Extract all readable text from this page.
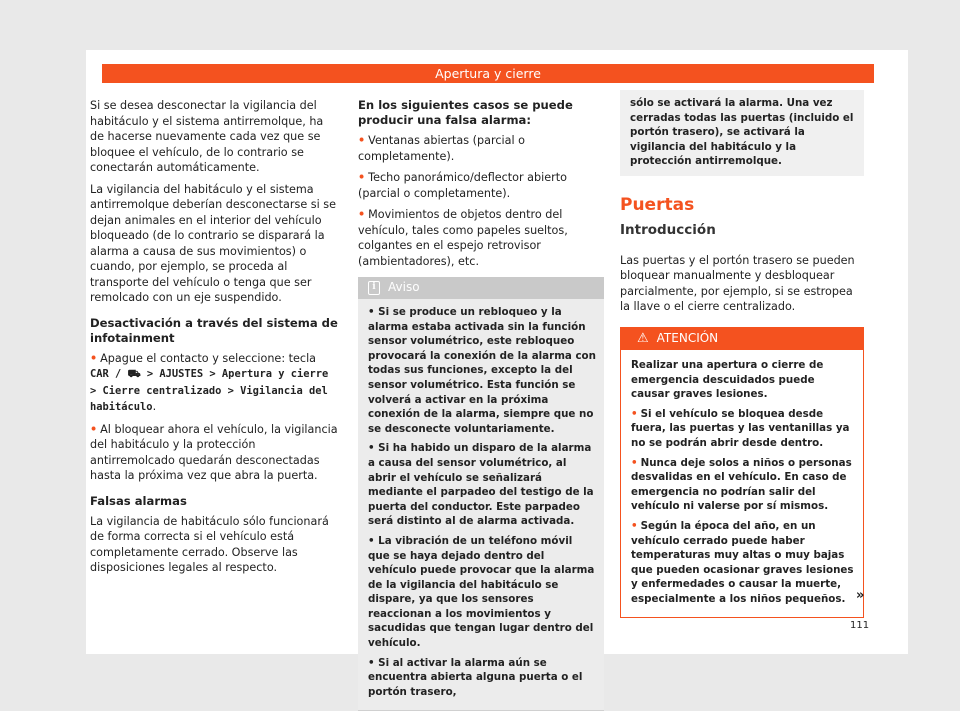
Apertura y cierre

Si se desea desconectar la vigilancia del habitáculo y el sistema antirremolque, ha de hacerse nuevamente cada vez que se bloquee el vehículo, de lo contrario se conectarán automáticamente.

La vigilancia del habitáculo y el sistema antirremolque deberían desconectarse si se dejan animales en el interior del vehículo bloqueado (de lo contrario se disparará la alarma a causa de sus movimientos) o cuando, por ejemplo, se proceda al transporte del vehículo o tenga que ser remolcado con un eje suspendido.

Desactivación a través del sistema de infotainment

• Apague el contacto y seleccione: tecla CAR / ⛟ > AJUSTES > Apertura y cierre > Cierre centralizado > Vigilancia del habitáculo.

• Al bloquear ahora el vehículo, la vigilancia del habitáculo y la protección antirremolcado quedarán desconectadas hasta la próxima vez que abra la puerta.

Falsas alarmas

La vigilancia de habitáculo sólo funcionará de forma correcta si el vehículo está completamente cerrado. Observe las disposiciones legales al respecto.

En los siguientes casos se puede producir una falsa alarma:

• Ventanas abiertas (parcial o completamente).

• Techo panorámico/deflector abierto (parcial o completamente).

• Movimientos de objetos dentro del vehículo, tales como papeles sueltos, colgantes en el espejo retrovisor (ambientadores), etc.

i	Aviso

• Si se produce un rebloqueo y la alarma estaba activada sin la función sensor volumétrico, este rebloqueo provocará la conexión de la alarma con todas sus funciones, excepto la del sensor volumétrico. Esta función se volverá a activar en la próxima conexión de la alarma, siempre que no se desconecte voluntariamente.

• Si ha habido un disparo de la alarma a causa del sensor volumétrico, al abrir el vehículo se señalizará mediante el parpadeo del testigo de la puerta del conductor. Este parpadeo será distinto al de alarma activada.

• La vibración de un teléfono móvil que se haya dejado dentro del vehículo puede provocar que la alarma de la vigilancia del habitáculo se dispare, ya que los sensores reaccionan a los movimientos y sacudidas que tengan lugar dentro del vehículo.

• Si al activar la alarma aún se encuentra abierta alguna puerta o el portón trasero,

sólo se activará la alarma. Una vez cerradas todas las puertas (incluido el portón trasero), se activará la vigilancia del habitáculo y la protección antirremolque.

Puertas
Introducción

Las puertas y el portón trasero se pueden bloquear manualmente y desbloquear parcialmente, por ejemplo, si se estropea la llave o el cierre centralizado.

⚠ ATENCIÓN

Realizar una apertura o cierre de emergencia descuidados puede causar graves lesiones.

• Si el vehículo se bloquea desde fuera, las puertas y las ventanillas ya no se podrán abrir desde dentro.

• Nunca deje solos a niños o personas desvalidas en el vehículo. En caso de emergencia no podrían salir del vehículo ni valerse por sí mismos.

• Según la época del año, en un vehículo cerrado puede haber temperaturas muy altas o muy bajas que pueden ocasionar graves lesiones y enfermedades o causar la muerte, especialmente a los niños pequeños. »
111
